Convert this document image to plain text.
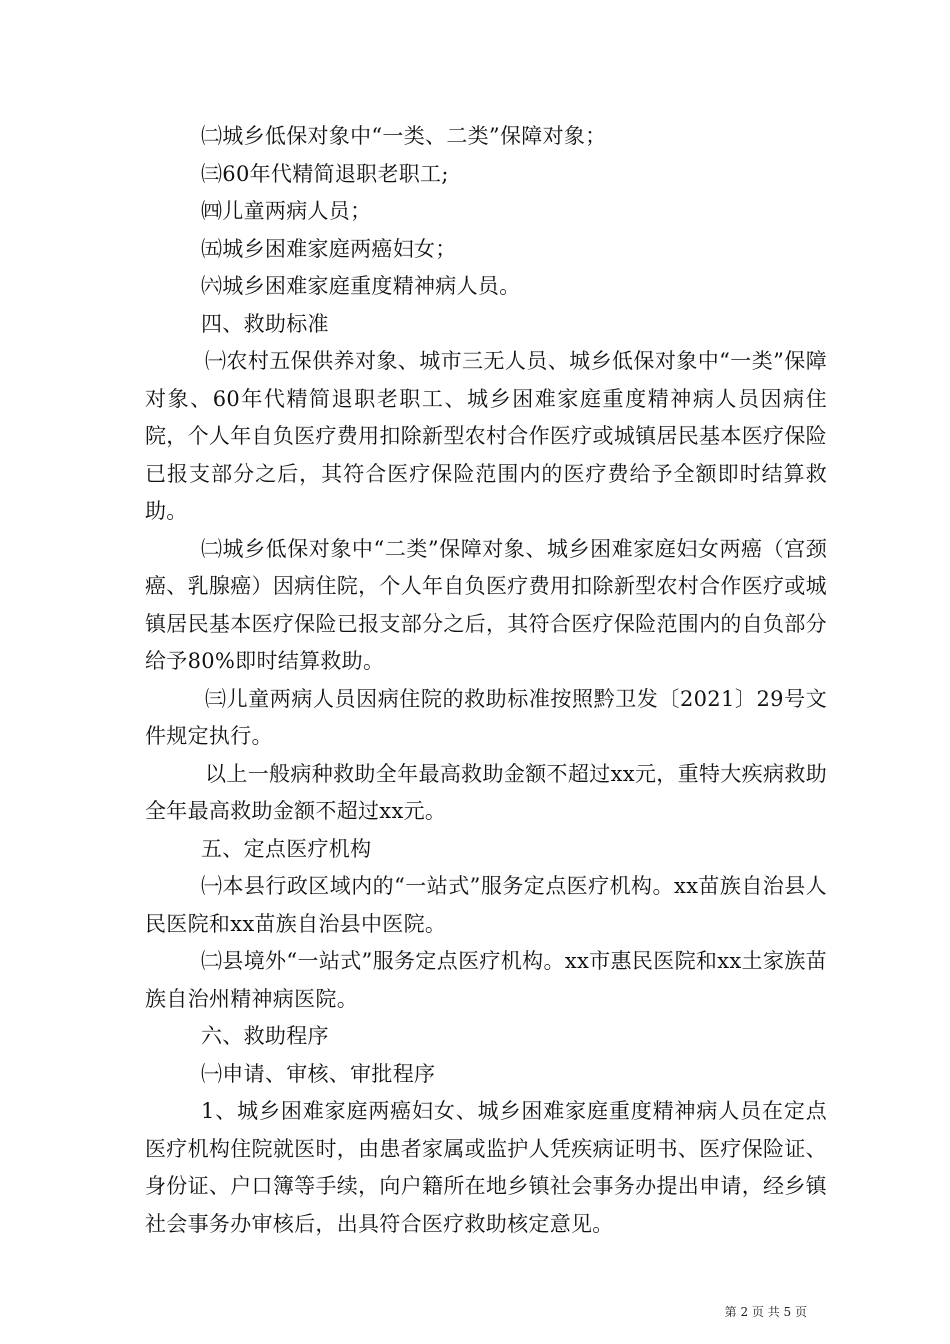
㈡城乡低保对象中“一类、二类”保障对象；

㈢60年代精简退职老职工;

㈣儿童两病人员；

㈤城乡困难家庭两癌妇女；

㈥城乡困难家庭重度精神病人员。

四、救助标准

㈠农村五保供养对象、城市三无人员、城乡低保对象中“一类”保障对象、60年代精简退职老职工、城乡困难家庭重度精神病人员因病住院，个人年自负医疗费用扣除新型农村合作医疗或城镇居民基本医疗保险已报支部分之后，其符合医疗保险范围内的医疗费给予全额即时结算救助。

㈡城乡低保对象中“二类”保障对象、城乡困难家庭妇女两癌（宫颈癌、乳腺癌）因病住院，个人年自负医疗费用扣除新型农村合作医疗或城镇居民基本医疗保险已报支部分之后，其符合医疗保险范围内的自负部分给予80%即时结算救助。

㈢儿童两病人员因病住院的救助标准按照黔卫发〔2021〕29号文件规定执行。

以上一般病种救助全年最高救助金额不超过xx元，重特大疾病救助全年最高救助金额不超过xx元。

五、定点医疗机构

㈠本县行政区域内的“一站式”服务定点医疗机构。xx苗族自治县人民医院和xx苗族自治县中医院。

㈡县境外“一站式”服务定点医疗机构。xx市惠民医院和xx土家族苗族自治州精神病医院。

六、救助程序

㈠申请、审核、审批程序

1、城乡困难家庭两癌妇女、城乡困难家庭重度精神病人员在定点医疗机构住院就医时，由患者家属或监护人凭疾病证明书、医疗保险证、身份证、户口簿等手续，向户籍所在地乡镇社会事务办提出申请，经乡镇社会事务办审核后，出具符合医疗救助核定意见。

第 2 页 共 5 页
